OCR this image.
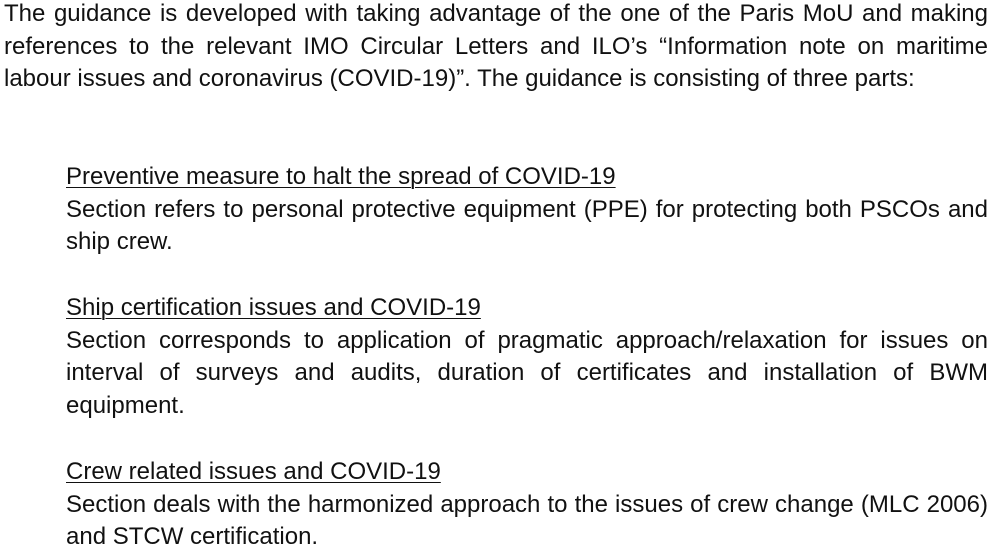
The guidance is developed with taking advantage of the one of the Paris MoU and making references to the relevant IMO Circular Letters and ILO’s “Information note on maritime labour issues and coronavirus (COVID-19)”. The guidance is consisting of three parts:

Preventive measure to halt the spread of COVID-19

Section refers to personal protective equipment (PPE) for protecting both PSCOs and ship crew.

Ship certification issues and COVID-19

Section corresponds to application of pragmatic approach/relaxation for issues on interval of surveys and audits, duration of certificates and installation of BWM equipment.

Crew related issues and COVID-19

Section deals with the harmonized approach to the issues of crew change (MLC 2006) and STCW certification.
